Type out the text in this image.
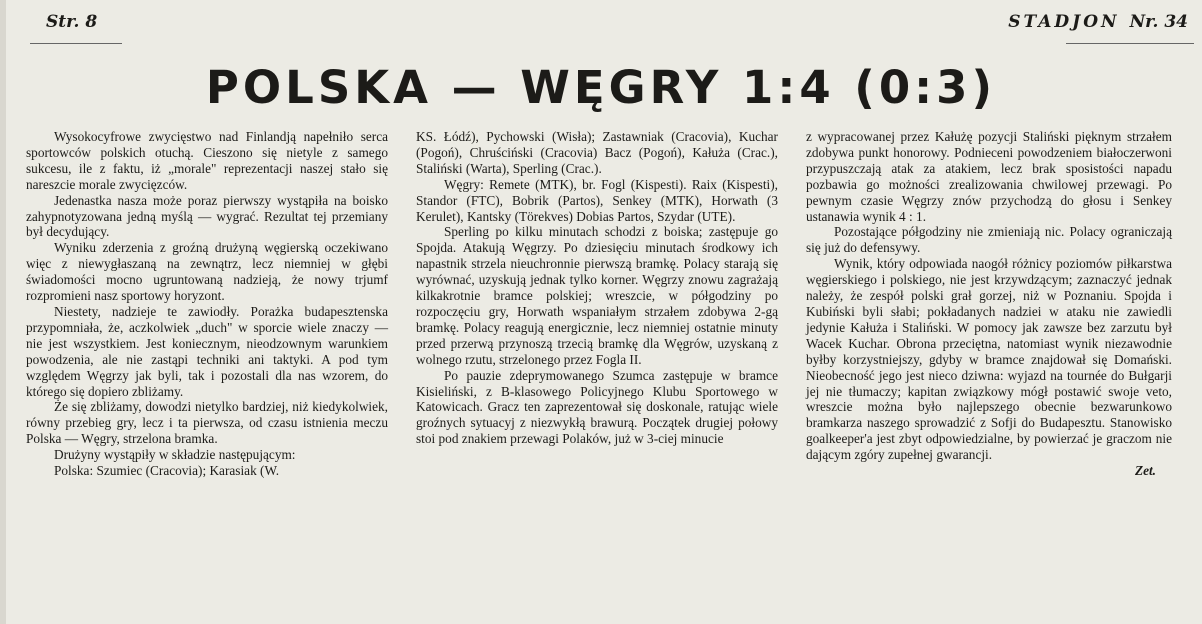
Str. 8	STADJON Nr. 34
POLSKA — WĘGRY 1:4 (0:3)

Wysokocyfrowe zwycięstwo nad Finlandją napełniło serca sportowców polskich otuchą. Cieszono się nietyle z samego sukcesu, ile z faktu, iż „morale" reprezentacji naszej stało się nareszcie morale zwycięzców.

Jedenastka nasza może poraz pierwszy wystąpiła na boisko zahypnotyzowana jedną myślą — wygrać. Rezultat tej przemiany był decydujący.

Wyniku zderzenia z groźną drużyną węgierską oczekiwano więc z niewygłaszaną na zewnątrz, lecz niemniej w głębi świadomości mocno ugruntowaną nadzieją, że nowy trjumf rozpromieni nasz sportowy horyzont.

Niestety, nadzieje te zawiodły. Porażka budapesztenska przypomniała, że, aczkolwiek „duch" w sporcie wiele znaczy — nie jest wszystkiem. Jest koniecznym, nieodzownym warunkiem powodzenia, ale nie zastąpi techniki ani taktyki. A pod tym względem Węgrzy jak byli, tak i pozostali dla nas wzorem, do którego się dopiero zbliżamy.

Że się zbliżamy, dowodzi nietylko bardziej, niż kiedykolwiek, równy przebieg gry, lecz i ta pierwsza, od czasu istnienia meczu Polska — Węgry, strzelona bramka.

Drużyny wystąpiły w składzie następującym:

Polska: Szumiec (Cracovia); Karasiak (W.

KS. Łódź), Pychowski (Wisła); Zastawniak (Cracovia), Kuchar (Pogoń), Chruściński (Cracovia) Bacz (Pogoń), Kałuża (Crac.), Staliński (Warta), Sperling (Crac.).

Węgry: Remete (MTK), br. Fogl (Kispesti). Raix (Kispesti), Standor (FTC), Bobrik (Partos), Senkey (MTK), Horwath (3 Kerulet), Kantsky (Törekves) Dobias Partos, Szydar (UTE).

Sperling po kilku minutach schodzi z boiska; zastępuje go Spojda. Atakują Węgrzy. Po dziesięciu minutach środkowy ich napastnik strzela nieuchronnie pierwszą bramkę. Polacy starają się wyrównać, uzyskują jednak tylko korner. Węgrzy znowu zagrażają kilkakrotnie bramce polskiej; wreszcie, w półgodziny po rozpoczęciu gry, Horwath wspaniałym strzałem zdobywa 2-gą bramkę. Polacy reagują energicznie, lecz niemniej ostatnie minuty przed przerwą przynoszą trzecią bramkę dla Węgrów, uzyskaną z wolnego rzutu, strzelonego przez Fogla II.

Po pauzie zdeprymowanego Szumca zastępuje w bramce Kisieliński, z B-klasowego Policyjnego Klubu Sportowego w Katowicach. Gracz ten zaprezentował się doskonale, ratując wiele groźnych sytuacyj z niezwykłą brawurą. Początek drugiej połowy stoi pod znakiem przewagi Polaków, już w 3-ciej minucie

z wypracowanej przez Kałużę pozycji Staliński pięknym strzałem zdobywa punkt honorowy. Podnieceni powodzeniem białoczerwoni przypuszczają atak za atakiem, lecz brak sposistości napadu pozbawia go możności zrealizowania chwilowej przewagi. Po pewnym czasie Węgrzy znów przychodzą do głosu i Senkey ustanawia wynik 4 : 1.

Pozostające półgodziny nie zmieniają nic. Polacy ograniczają się już do defensywy.

Wynik, który odpowiada naogół różnicy poziomów piłkarstwa węgierskiego i polskiego, nie jest krzywdzącym; zaznaczyć jednak należy, że zespół polski grał gorzej, niż w Poznaniu. Spojda i Kubiński byli słabi; pokładanych nadziei w ataku nie zawiedli jedynie Kałuża i Staliński. W pomocy jak zawsze bez zarzutu był Wacek Kuchar. Obrona przeciętna, natomiast wynik niezawodnie byłby korzystniejszy, gdyby w bramce znajdował się Domański. Nieobecność jego jest nieco dziwna: wyjazd na tournée do Bułgarji jej nie tłumaczy; kapitan związkowy mógł postawić swoje veto, wreszcie można było najlepszego obecnie bezwarunkowo bramkarza naszego sprowadzić z Sofji do Budapesztu. Stanowisko goalkeeper'a jest zbyt odpowiedzialne, by powierzać je graczom nie dającym zgóry zupełnej gwarancji.

Zet.
